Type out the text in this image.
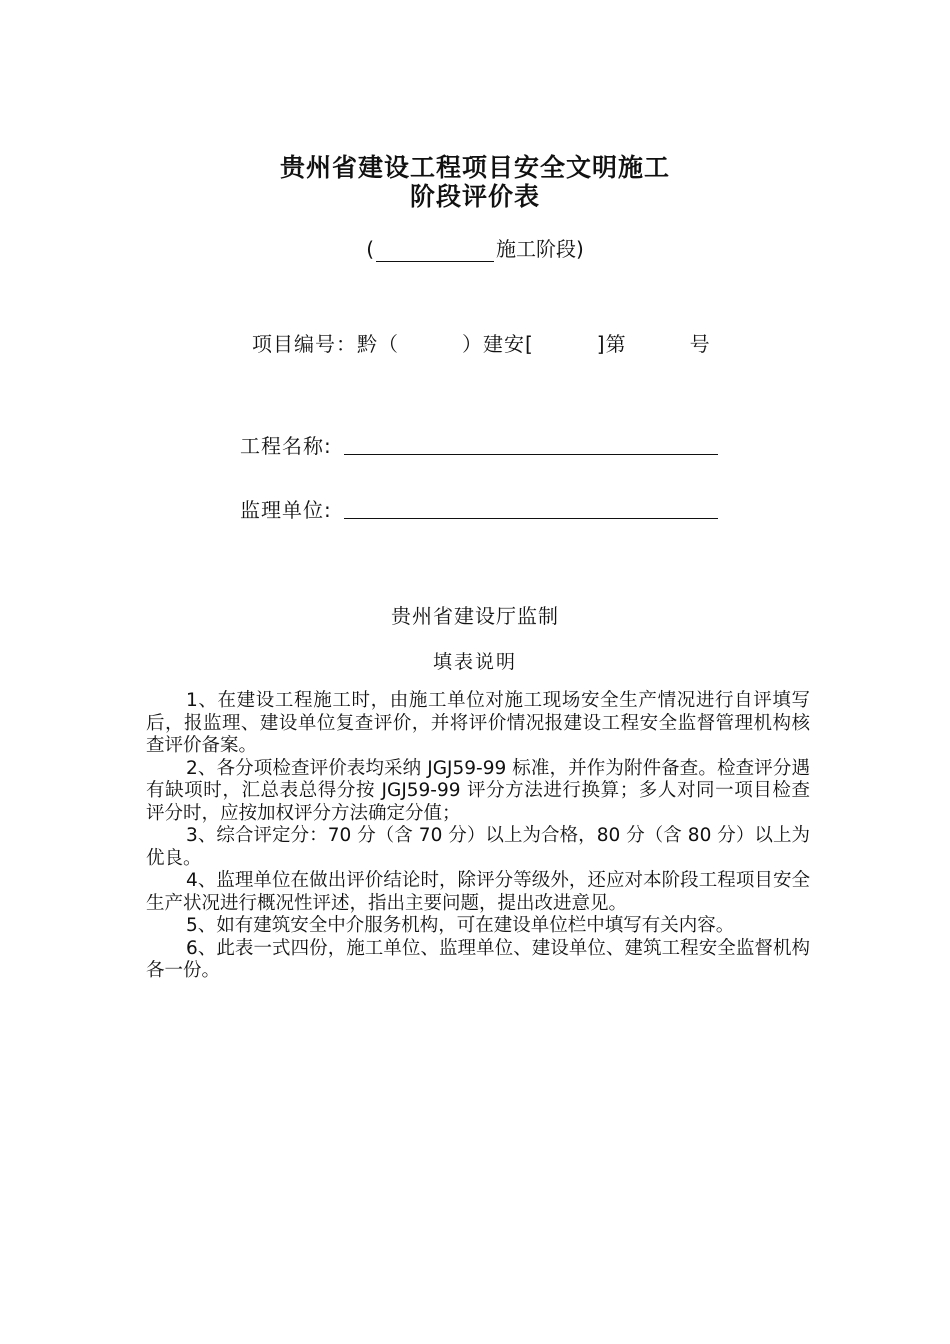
贵州省建设工程项目安全文明施工
阶段评价表
(	施工阶段)
项目编号：黔（　　　）建安[　　　]第　　　号
工程名称:
监理单位:
贵州省建设厅监制
填表说明

1、在建设工程施工时，由施工单位对施工现场安全生产情况进行自评填写后，报监理、建设单位复查评价，并将评价情况报建设工程安全监督管理机构核查评价备案。

2、各分项检查评价表均采纳 JGJ59-99 标准，并作为附件备查。检查评分遇有缺项时，汇总表总得分按 JGJ59-99 评分方法进行换算；多人对同一项目检查评分时，应按加权评分方法确定分值；

3、综合评定分：70 分（含 70 分）以上为合格，80 分（含 80 分）以上为优良。

4、监理单位在做出评价结论时，除评分等级外，还应对本阶段工程项目安全生产状况进行概况性评述，指出主要问题，提出改进意见。

5、如有建筑安全中介服务机构，可在建设单位栏中填写有关内容。

6、此表一式四份，施工单位、监理单位、建设单位、建筑工程安全监督机构各一份。
